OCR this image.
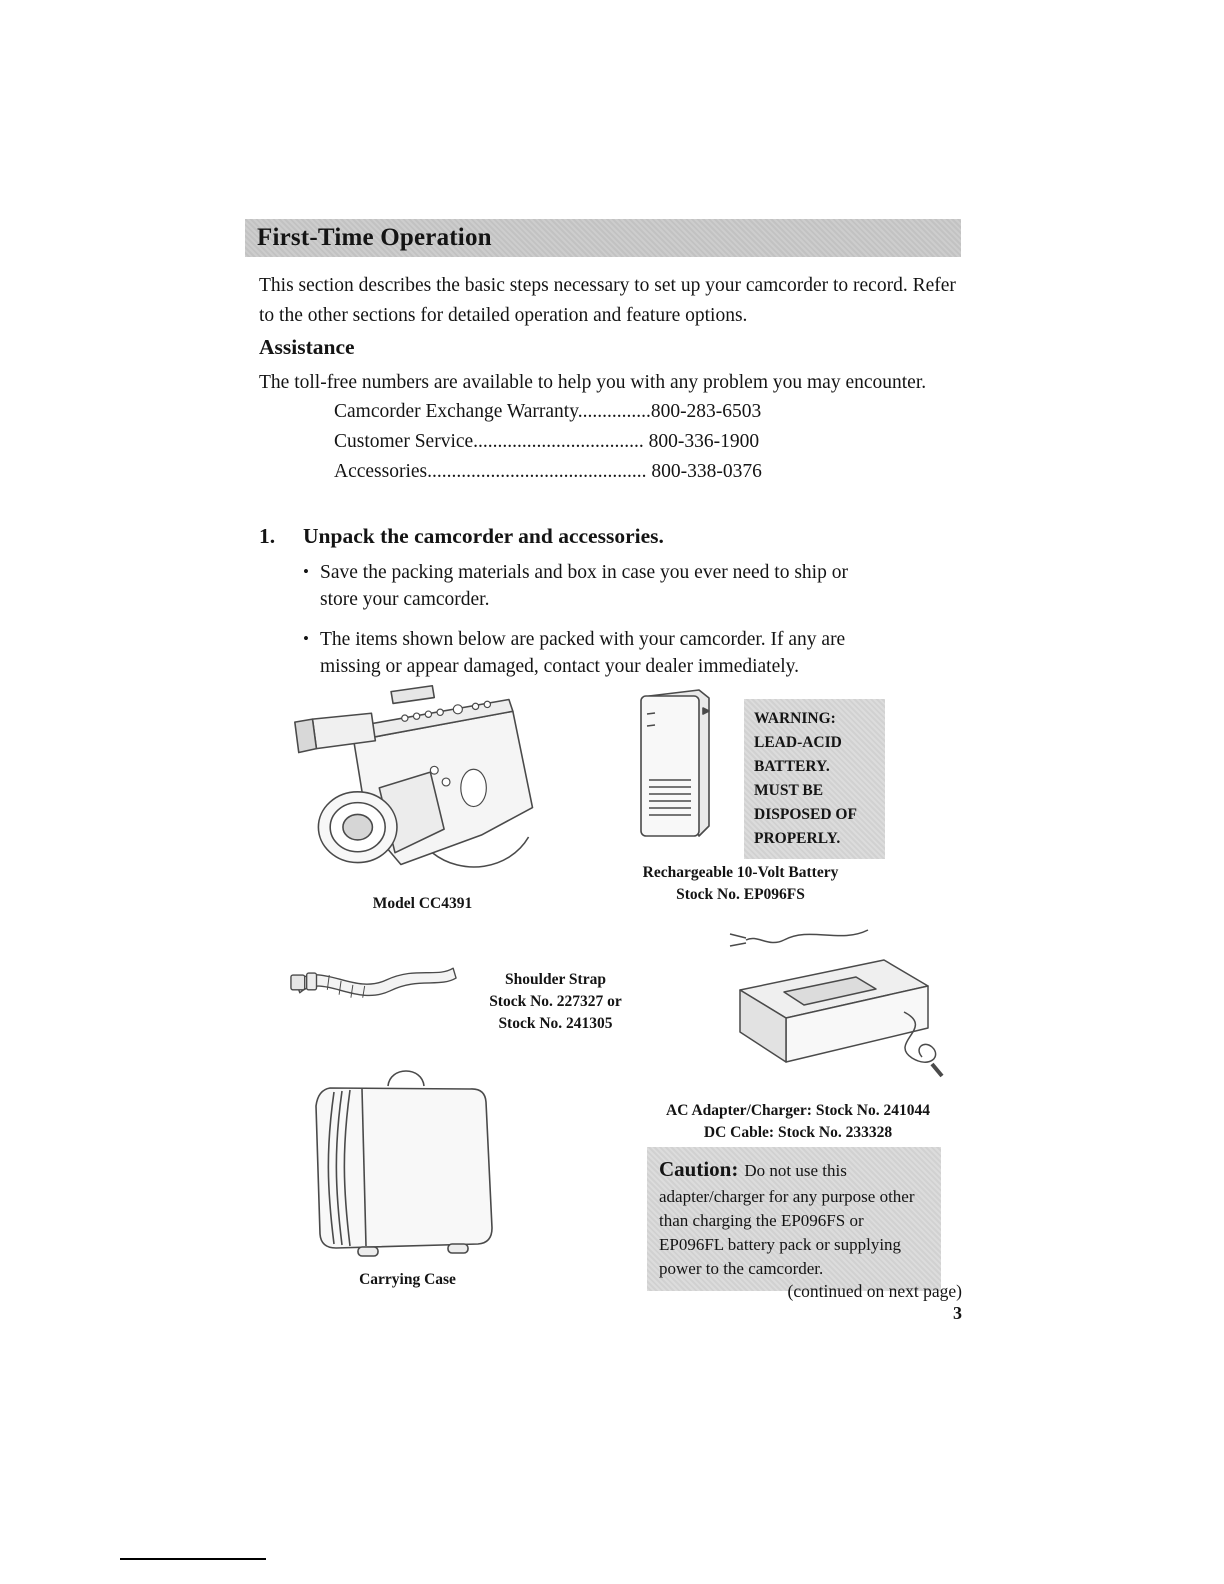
First-Time Operation

This section describes the basic steps necessary to set up your camcorder to record. Refer to the other sections for detailed operation and feature options.

Assistance

The toll-free numbers are available to help you with any problem you may encounter.

Camcorder Exchange Warranty...............800-283-6503
Customer Service................................... 800-336-1900
Accessories............................................. 800-338-0376
1.	Unpack the camcorder and accessories.
• Save the packing materials and box in case you ever need to ship or store your camcorder.
• The items shown below are packed with your camcorder. If any are missing or appear damaged, contact your dealer immediately.
Model CC4391
WARNING:
LEAD-ACID
BATTERY.
MUST BE
DISPOSED OF
PROPERLY.
Rechargeable 10-Volt Battery
Stock No. EP096FS
Shoulder Strap
Stock No. 227327 or
Stock No. 241305
AC Adapter/Charger: Stock No. 241044
DC Cable: Stock No. 233328
Carrying Case
Caution: Do not use this adapter/charger for any purpose other than charging the EP096FS or EP096FL battery pack or supplying power to the camcorder.
(continued on next page)
3
